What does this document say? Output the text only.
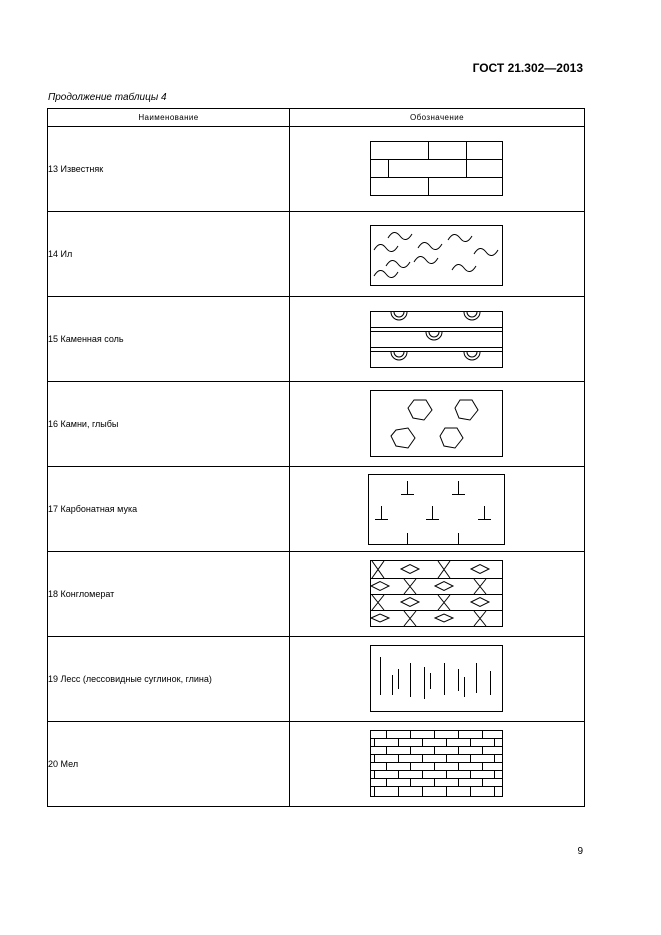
ГОСТ 21.302—2013
Продолжение таблицы 4
Наименование	Обозначение
13 Известняк	

14 Ил	

15 Каменная соль	

16 Камни, глыбы	

17 Карбонатная мука	

18 Конгломерат	

19 Лесс (лессовидные суглинок, глина)	

20 Мел	
9
